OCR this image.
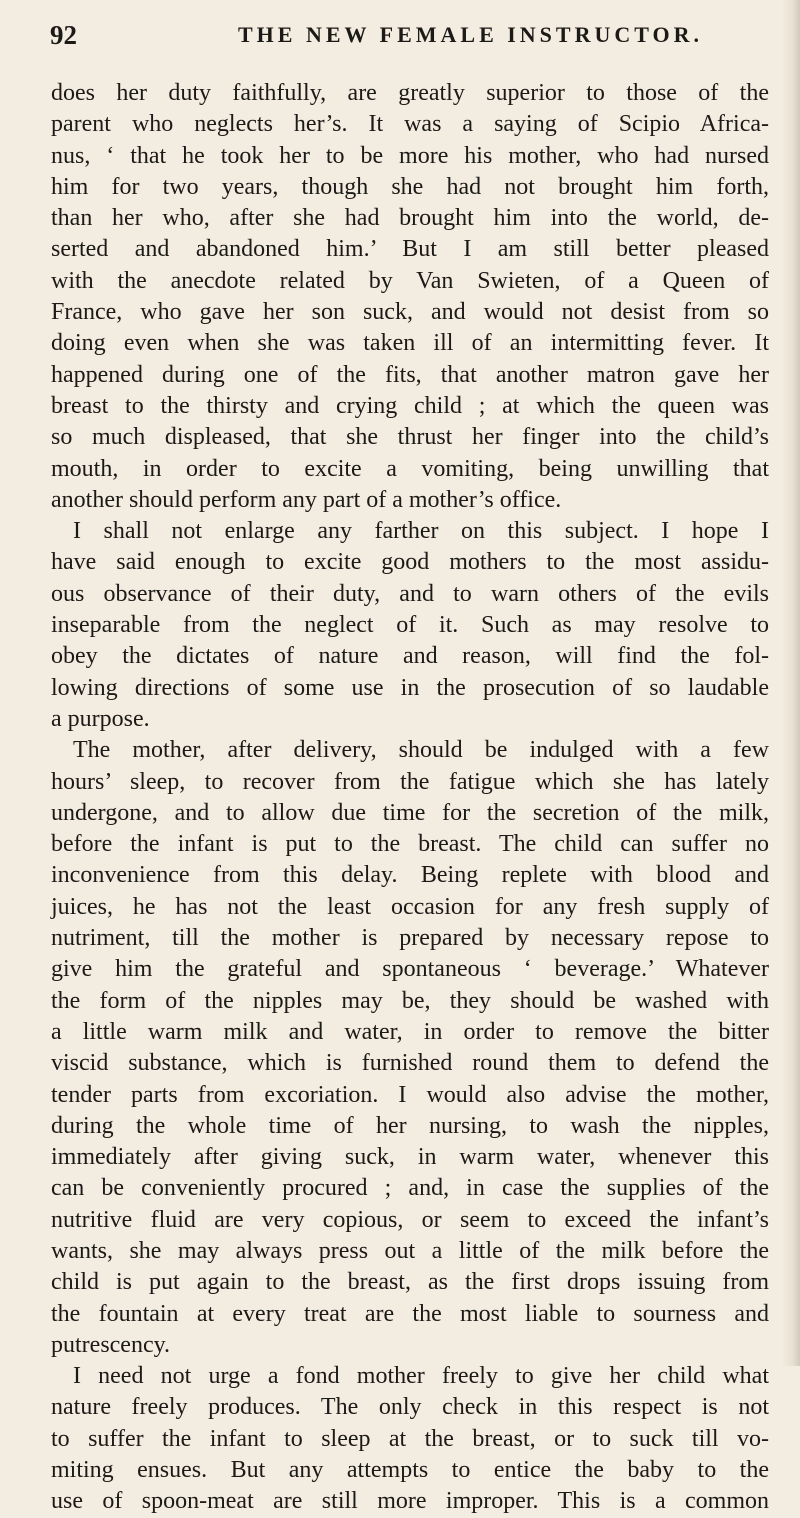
92	THE NEW FEMALE INSTRUCTOR.
does her duty faithfully, are greatly superior to those of the
parent who neglects her’s. It was a saying of Scipio Africa-
nus, ‘ that he took her to be more his mother, who had nursed
him for two years, though she had not brought him forth,
than her who, after she had brought him into the world, de-
serted and abandoned him.’ But I am still better pleased
with the anecdote related by Van Swieten, of a Queen of
France, who gave her son suck, and would not desist from so
doing even when she was taken ill of an intermitting fever. It
happened during one of the fits, that another matron gave her
breast to the thirsty and crying child ; at which the queen was
so much displeased, that she thrust her finger into the child’s
mouth, in order to excite a vomiting, being unwilling that
another should perform any part of a mother’s office.
I shall not enlarge any farther on this subject. I hope I
have said enough to excite good mothers to the most assidu-
ous observance of their duty, and to warn others of the evils
inseparable from the neglect of it. Such as may resolve to
obey the dictates of nature and reason, will find the fol-
lowing directions of some use in the prosecution of so laudable
a purpose.
The mother, after delivery, should be indulged with a few
hours’ sleep, to recover from the fatigue which she has lately
undergone, and to allow due time for the secretion of the milk,
before the infant is put to the breast. The child can suffer no
inconvenience from this delay. Being replete with blood and
juices, he has not the least occasion for any fresh supply of
nutriment, till the mother is prepared by necessary repose to
give him the grateful and spontaneous ‘ beverage.’ Whatever
the form of the nipples may be, they should be washed with
a little warm milk and water, in order to remove the bitter
viscid substance, which is furnished round them to defend the
tender parts from excoriation. I would also advise the mother,
during the whole time of her nursing, to wash the nipples,
immediately after giving suck, in warm water, whenever this
can be conveniently procured ; and, in case the supplies of the
nutritive fluid are very copious, or seem to exceed the infant’s
wants, she may always press out a little of the milk before the
child is put again to the breast, as the first drops issuing from
the fountain at every treat are the most liable to sourness and
putrescency.
I need not urge a fond mother freely to give her child what
nature freely produces. The only check in this respect is not
to suffer the infant to sleep at the breast, or to suck till vo-
miting ensues. But any attempts to entice the baby to the
use of spoon-meat are still more improper. This is a common
